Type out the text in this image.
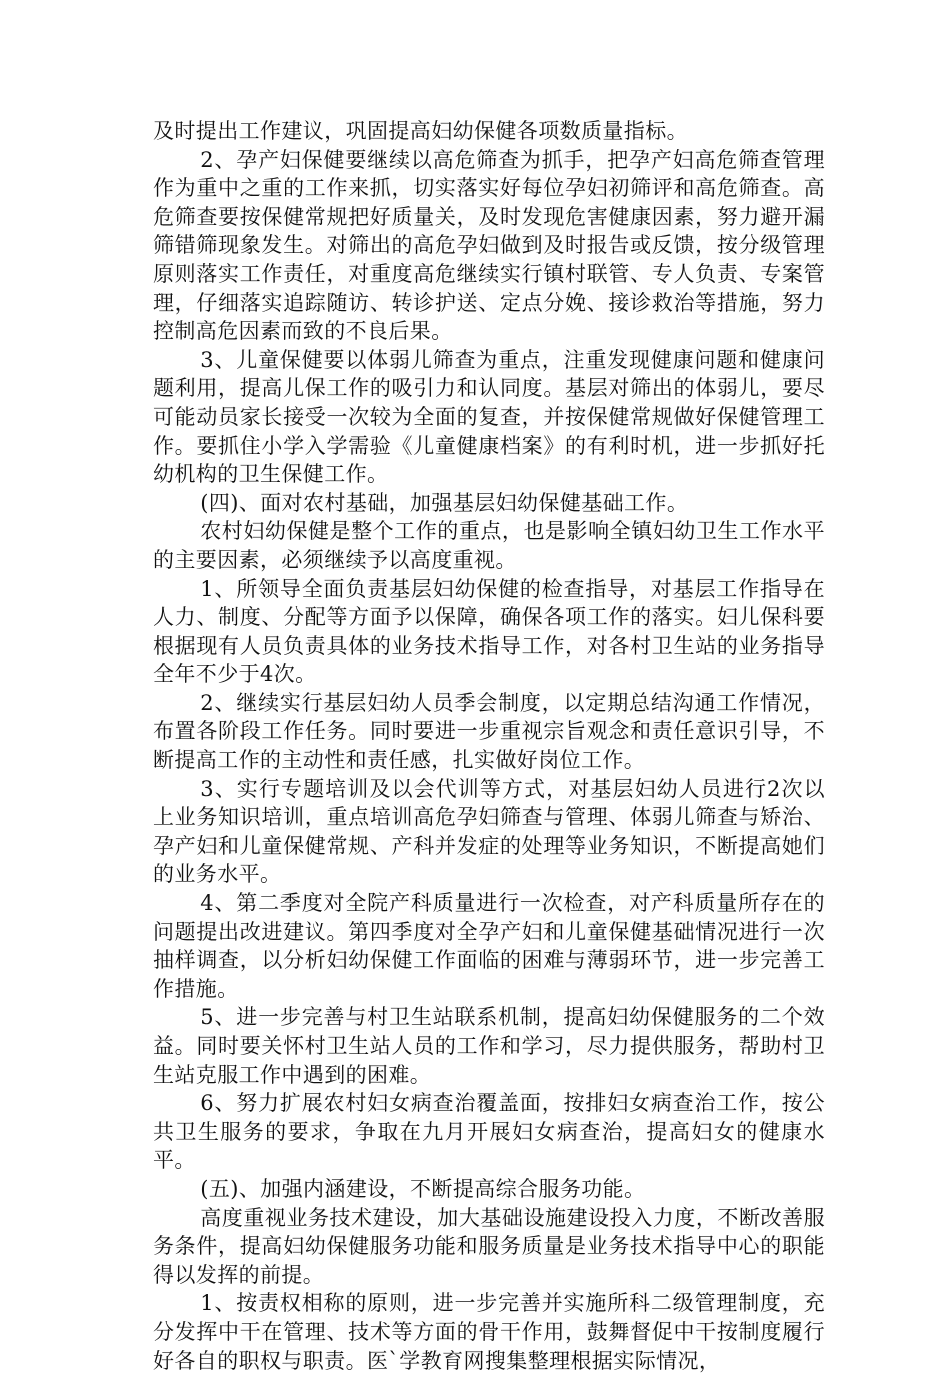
及时提出工作建议，巩固提高妇幼保健各项数质量指标。

2、孕产妇保健要继续以高危筛查为抓手，把孕产妇高危筛查管理作为重中之重的工作来抓，切实落实好每位孕妇初筛评和高危筛查。高危筛查要按保健常规把好质量关，及时发现危害健康因素，努力避开漏筛错筛现象发生。对筛出的高危孕妇做到及时报告或反馈，按分级管理原则落实工作责任，对重度高危继续实行镇村联管、专人负责、专案管理，仔细落实追踪随访、转诊护送、定点分娩、接诊救治等措施，努力控制高危因素而致的不良后果。

3、儿童保健要以体弱儿筛查为重点，注重发现健康问题和健康问题利用，提高儿保工作的吸引力和认同度。基层对筛出的体弱儿，要尽可能动员家长接受一次较为全面的复查，并按保健常规做好保健管理工作。要抓住小学入学需验《儿童健康档案》的有利时机，进一步抓好托幼机构的卫生保健工作。

(四)、面对农村基础，加强基层妇幼保健基础工作。

农村妇幼保健是整个工作的重点，也是影响全镇妇幼卫生工作水平的主要因素，必须继续予以高度重视。

1、所领导全面负责基层妇幼保健的检查指导，对基层工作指导在人力、制度、分配等方面予以保障，确保各项工作的落实。妇儿保科要根据现有人员负责具体的业务技术指导工作，对各村卫生站的业务指导全年不少于4次。

2、继续实行基层妇幼人员季会制度，以定期总结沟通工作情况，布置各阶段工作任务。同时要进一步重视宗旨观念和责任意识引导，不断提高工作的主动性和责任感，扎实做好岗位工作。

3、实行专题培训及以会代训等方式，对基层妇幼人员进行2次以上业务知识培训，重点培训高危孕妇筛查与管理、体弱儿筛查与矫治、孕产妇和儿童保健常规、产科并发症的处理等业务知识，不断提高她们的业务水平。

4、第二季度对全院产科质量进行一次检查，对产科质量所存在的问题提出改进建议。第四季度对全孕产妇和儿童保健基础情况进行一次抽样调查，以分析妇幼保健工作面临的困难与薄弱环节，进一步完善工作措施。

5、进一步完善与村卫生站联系机制，提高妇幼保健服务的二个效益。同时要关怀村卫生站人员的工作和学习，尽力提供服务，帮助村卫生站克服工作中遇到的困难。

6、努力扩展农村妇女病查治覆盖面，按排妇女病查治工作，按公共卫生服务的要求，争取在九月开展妇女病查治，提高妇女的健康水平。

(五)、加强内涵建设，不断提高综合服务功能。

高度重视业务技术建设，加大基础设施建设投入力度，不断改善服务条件，提高妇幼保健服务功能和服务质量是业务技术指导中心的职能得以发挥的前提。

1、按责权相称的原则，进一步完善并实施所科二级管理制度，充分发挥中干在管理、技术等方面的骨干作用，鼓舞督促中干按制度履行好各自的职权与职责。医`学教育网搜集整理根据实际情况，
